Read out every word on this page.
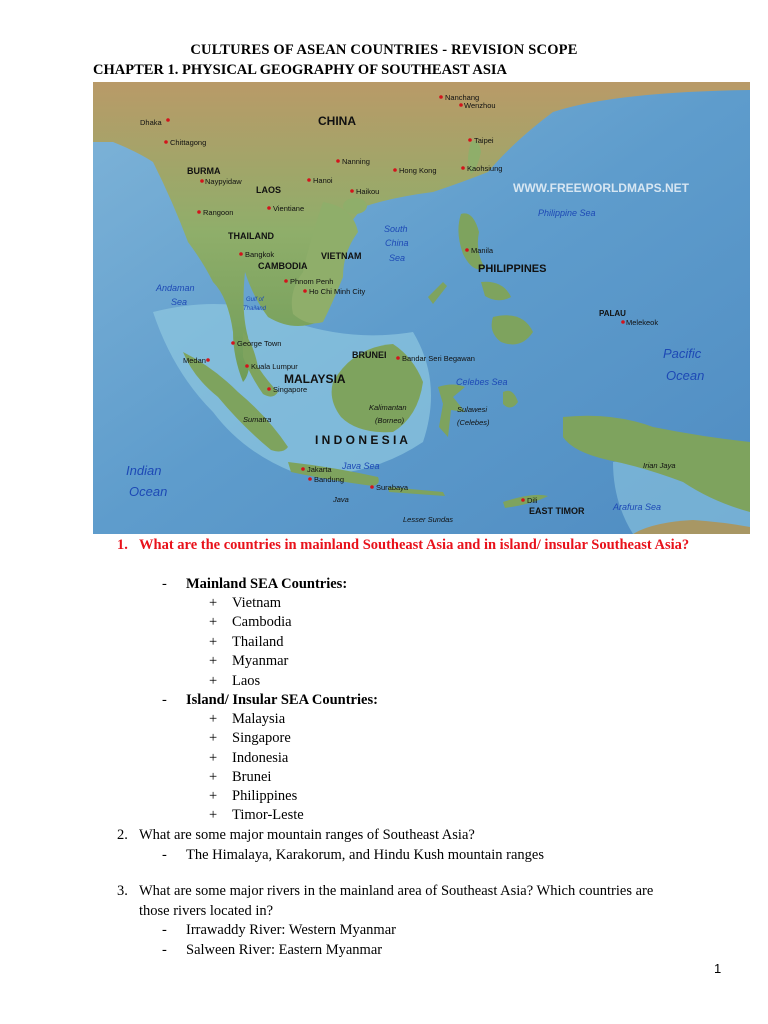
CULTURES OF ASEAN COUNTRIES - REVISION SCOPE
CHAPTER 1. PHYSICAL GEOGRAPHY OF SOUTHEAST ASIA
WWW.FREEWORLDMAPS.NET
CHINA
BURMA
LAOS
THAILAND
CAMBODIA
VIETNAM
PHILIPPINES
PALAU
BRUNEI
MALAYSIA
I N D O N E S I A
EAST TIMOR
South
China
Sea
Andaman
Sea	Gulf of
Thailand
Philippine Sea
Pacific
Ocean
Celebes Sea
Java Sea
Indian
Ocean
Arafura Sea
Kalimantan
(Borneo)
Sulawesi
(Celebes)
Sumatra
Java
Irian Jaya
Lesser Sundas
Dhaka
Chittagong
Nanchang
Wenzhou
Taipei
Kaohsiung
Nanning
Hanoi
Hong Kong
Haikou
Naypyidaw
Vientiane
Rangoon
Bangkok
Phnom Penh
Ho Chi Minh City
Manila
Melekeok
George Town
Medan
Kuala Lumpur
Singapore
Bandar Seri Begawan
Jakarta
Bandung
Surabaya
Dili
1. What are the countries in mainland Southeast Asia and in island/ insular Southeast Asia?
- Mainland SEA Countries:
+ Vietnam
+ Cambodia
+ Thailand
+ Myanmar
+ Laos
- Island/ Insular SEA Countries:
+ Malaysia
+ Singapore
+ Indonesia
+ Brunei
+ Philippines
+ Timor-Leste
2. What are some major mountain ranges of Southeast Asia?
- The Himalaya, Karakorum, and Hindu Kush mountain ranges
3. What are some major rivers in the mainland area of Southeast Asia? Which countries are
those rivers located in?
- Irrawaddy River: Western Myanmar
- Salween River: Eastern Myanmar
1
